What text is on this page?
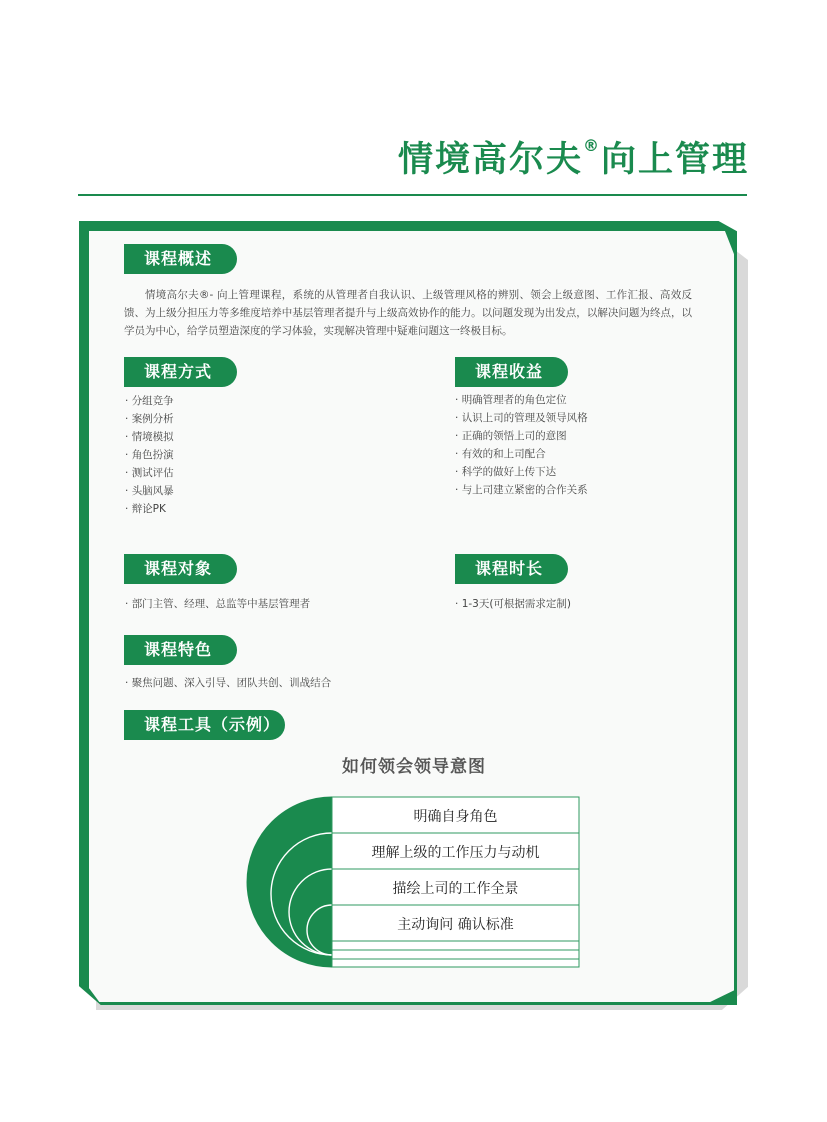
情境高尔夫®向上管理
课程概述
情境高尔夫®- 向上管理课程，系统的从管理者自我认识、上级管理风格的辨别、领会上级意图、工作汇报、高效反馈、为上级分担压力等多维度培养中基层管理者提升与上级高效协作的能力。以问题发现为出发点，以解决问题为终点，以学员为中心，给学员塑造深度的学习体验，实现解决管理中疑难问题这一终极目标。
课程方式
· 分组竞争
· 案例分析
· 情境模拟
· 角色扮演
· 测试评估
· 头脑风暴
· 辩论PK
课程收益
· 明确管理者的角色定位
· 认识上司的管理及领导风格
· 正确的领悟上司的意图
· 有效的和上司配合
· 科学的做好上传下达
· 与上司建立紧密的合作关系
课程对象
· 部门主管、经理、总监等中基层管理者
课程时长
· 1-3天(可根据需求定制)
课程特色
· 聚焦问题、深入引导、团队共创、训战结合
课程工具（示例）
如何领会领导意图
明确自身角色
理解上级的工作压力与动机
描绘上司的工作全景
主动询问 确认标准
